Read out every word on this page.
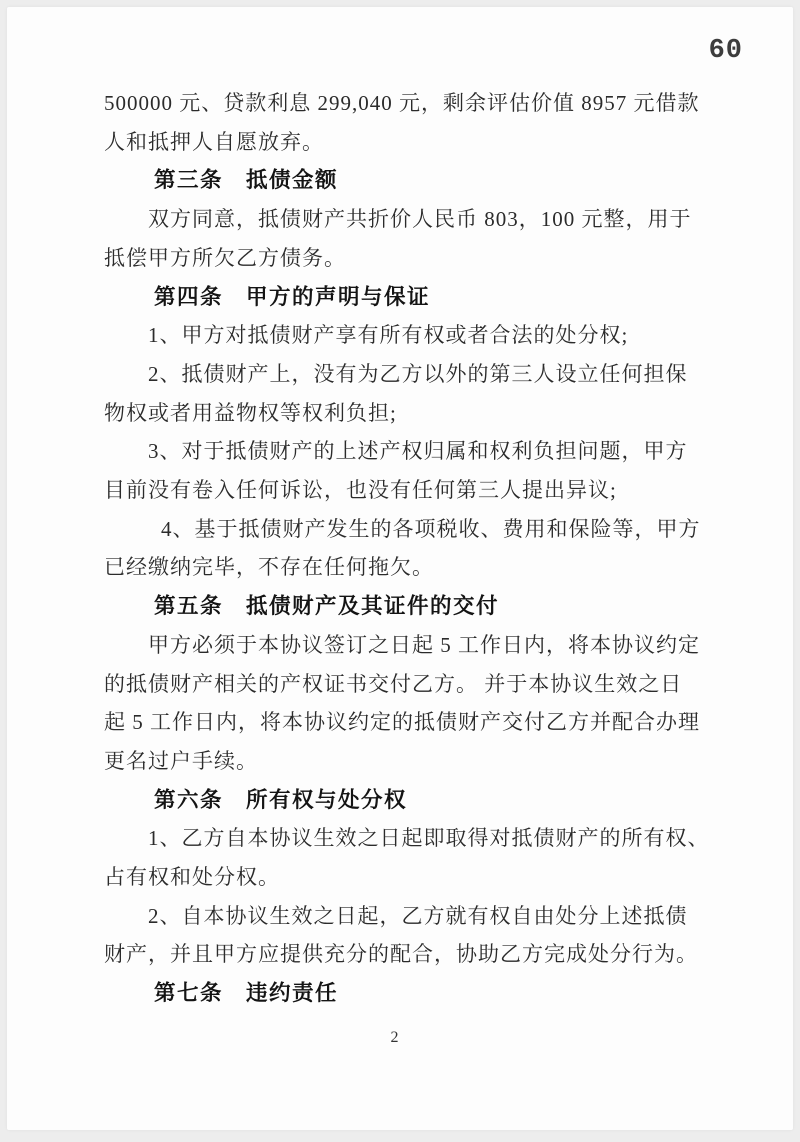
60
500000 元、贷款利息 299,040 元，剩余评估价值 8957 元借款
人和抵押人自愿放弃。
第三条　抵债金额
双方同意，抵债财产共折价人民币 803，100 元整，用于
抵偿甲方所欠乙方债务。
第四条　甲方的声明与保证
1、甲方对抵债财产享有所有权或者合法的处分权;
2、抵债财产上，没有为乙方以外的第三人设立任何担保
物权或者用益物权等权利负担;
3、对于抵债财产的上述产权归属和权利负担问题，甲方
目前没有卷入任何诉讼，也没有任何第三人提出异议;
4、基于抵债财产发生的各项税收、费用和保险等，甲方
已经缴纳完毕，不存在任何拖欠。
第五条　抵债财产及其证件的交付
甲方必须于本协议签订之日起 5 工作日内，将本协议约定
的抵债财产相关的产权证书交付乙方。 并于本协议生效之日
起 5 工作日内，将本协议约定的抵债财产交付乙方并配合办理
更名过户手续。
第六条　所有权与处分权
1、乙方自本协议生效之日起即取得对抵债财产的所有权、
占有权和处分权。
2、自本协议生效之日起，乙方就有权自由处分上述抵债
财产，并且甲方应提供充分的配合，协助乙方完成处分行为。
第七条　违约责任
2
